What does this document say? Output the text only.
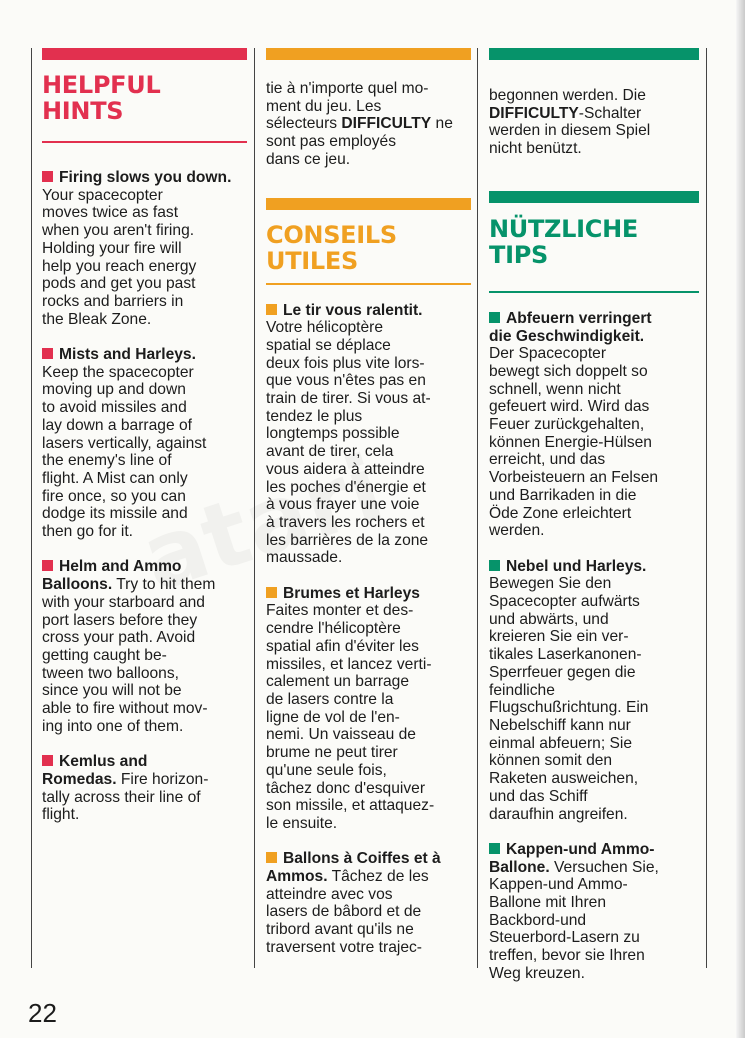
HELPFUL HINTS

Firing slows you down.

Your spacecopter

moves twice as fast

when you aren't firing.

Holding your fire will

help you reach energy

pods and get you past

rocks and barriers in

the Bleak Zone.

Mists and Harleys.

Keep the spacecopter

moving up and down

to avoid missiles and

lay down a barrage of

lasers vertically, against

the enemy's line of

flight. A Mist can only

fire once, so you can

dodge its missile and

then go for it.

Helm and Ammo

Balloons. Try to hit them

with your starboard and

port lasers before they

cross your path. Avoid

getting caught be-

tween two balloons,

since you will not be

able to fire without mov-

ing into one of them.

Kemlus and

Romedas. Fire horizon-

tally across their line of

flight.

tie à n'importe quel mo-

ment du jeu. Les

sélecteurs DIFFICULTY ne

sont pas employés

dans ce jeu.

CONSEILS
UTILES

Le tir vous ralentit.

Votre hélicoptère

spatial se déplace

deux fois plus vite lors-

que vous n'êtes pas en

train de tirer. Si vous at-

tendez le plus

longtemps possible

avant de tirer, cela

vous aidera à atteindre

les poches d'énergie et

à vous frayer une voie

à travers les rochers et

les barrières de la zone

maussade.

Brumes et Harleys

Faites monter et des-

cendre l'hélicoptère

spatial afin d'éviter les

missiles, et lancez verti-

calement un barrage

de lasers contre la

ligne de vol de l'en-

nemi. Un vaisseau de

brume ne peut tirer

qu'une seule fois,

tâchez donc d'esquiver

son missile, et attaquez-

le ensuite.

Ballons à Coiffes et à

Ammos. Tâchez de les

atteindre avec vos

lasers de bâbord et de

tribord avant qu'ils ne

traversent votre trajec-

begonnen werden. Die

DIFFICULTY-Schalter

werden in diesem Spiel

nicht benützt.

NÜTZLICHE TIPS

Abfeuern verringert

die Geschwindigkeit.

Der Spacecopter

bewegt sich doppelt so

schnell, wenn nicht

gefeuert wird. Wird das

Feuer zurückgehalten,

können Energie-Hülsen

erreicht, und das

Vorbeisteuern an Felsen

und Barrikaden in die

Öde Zone erleichtert

werden.

Nebel und Harleys.

Bewegen Sie den

Spacecopter aufwärts

und abwärts, und

kreieren Sie ein ver-

tikales Laserkanonen-

Sperrfeuer gegen die

feindliche

Flugschußrichtung. Ein

Nebelschiff kann nur

einmal abfeuern; Sie

können somit den

Raketen ausweichen,

und das Schiff

daraufhin angreifen.

Kappen-und Ammo-

Ballone. Versuchen Sie,

Kappen-und Ammo-

Ballone mit Ihren

Backbord-und

Steuerbord-Lasern zu

treffen, bevor sie Ihren

Weg kreuzen.

22
